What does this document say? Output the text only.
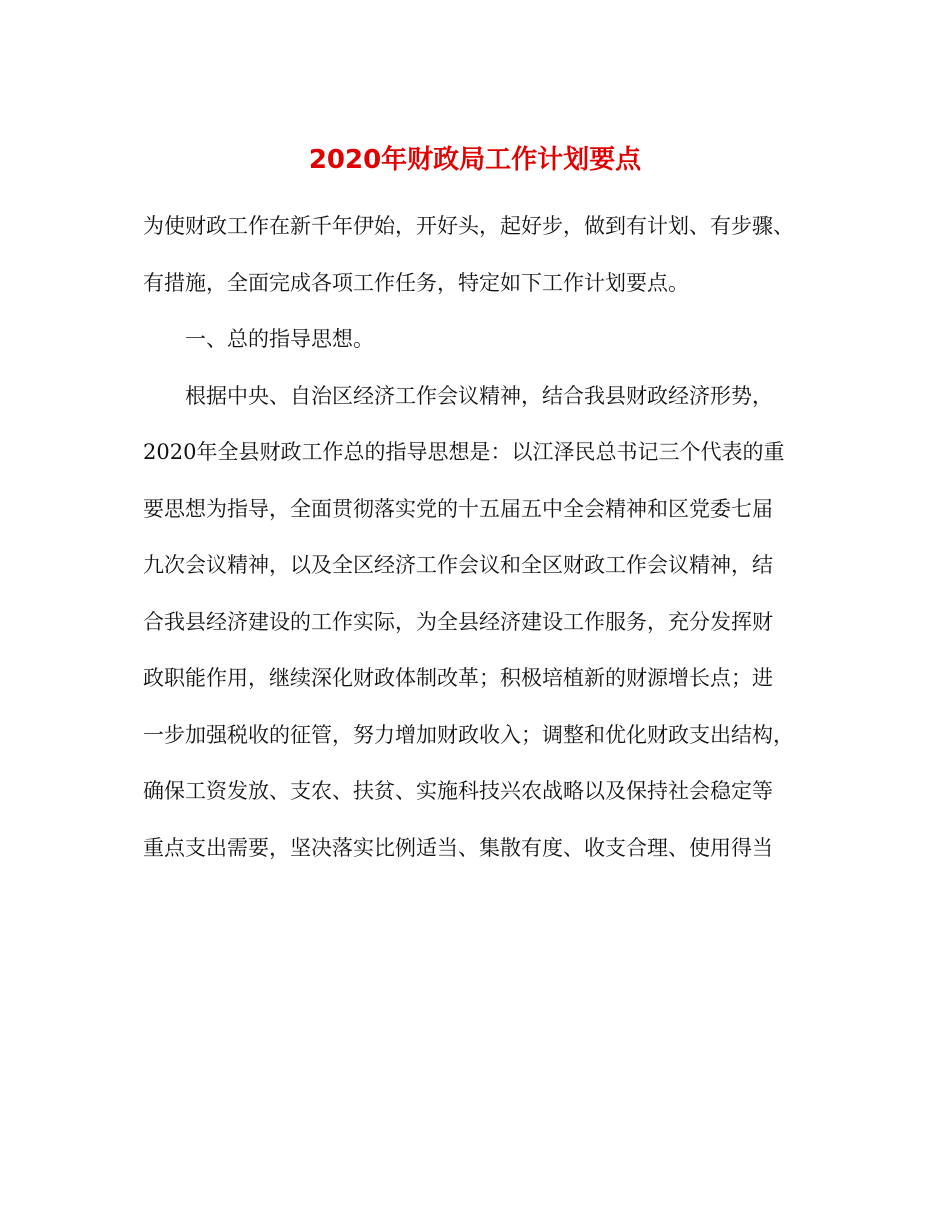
2020年财政局工作计划要点
为使财政工作在新千年伊始，开好头，起好步，做到有计划、有步骤、
有措施，全面完成各项工作任务，特定如下工作计划要点。
一、总的指导思想。
根据中央、自治区经济工作会议精神，结合我县财政经济形势，
2020年全县财政工作总的指导思想是：以江泽民总书记三个代表的重
要思想为指导，全面贯彻落实党的十五届五中全会精神和区党委七届
九次会议精神，以及全区经济工作会议和全区财政工作会议精神，结
合我县经济建设的工作实际，为全县经济建设工作服务，充分发挥财
政职能作用，继续深化财政体制改革；积极培植新的财源增长点；进
一步加强税收的征管，努力增加财政收入；调整和优化财政支出结构，
确保工资发放、支农、扶贫、实施科技兴农战略以及保持社会稳定等
重点支出需要，坚决落实比例适当、集散有度、收支合理、使用得当
